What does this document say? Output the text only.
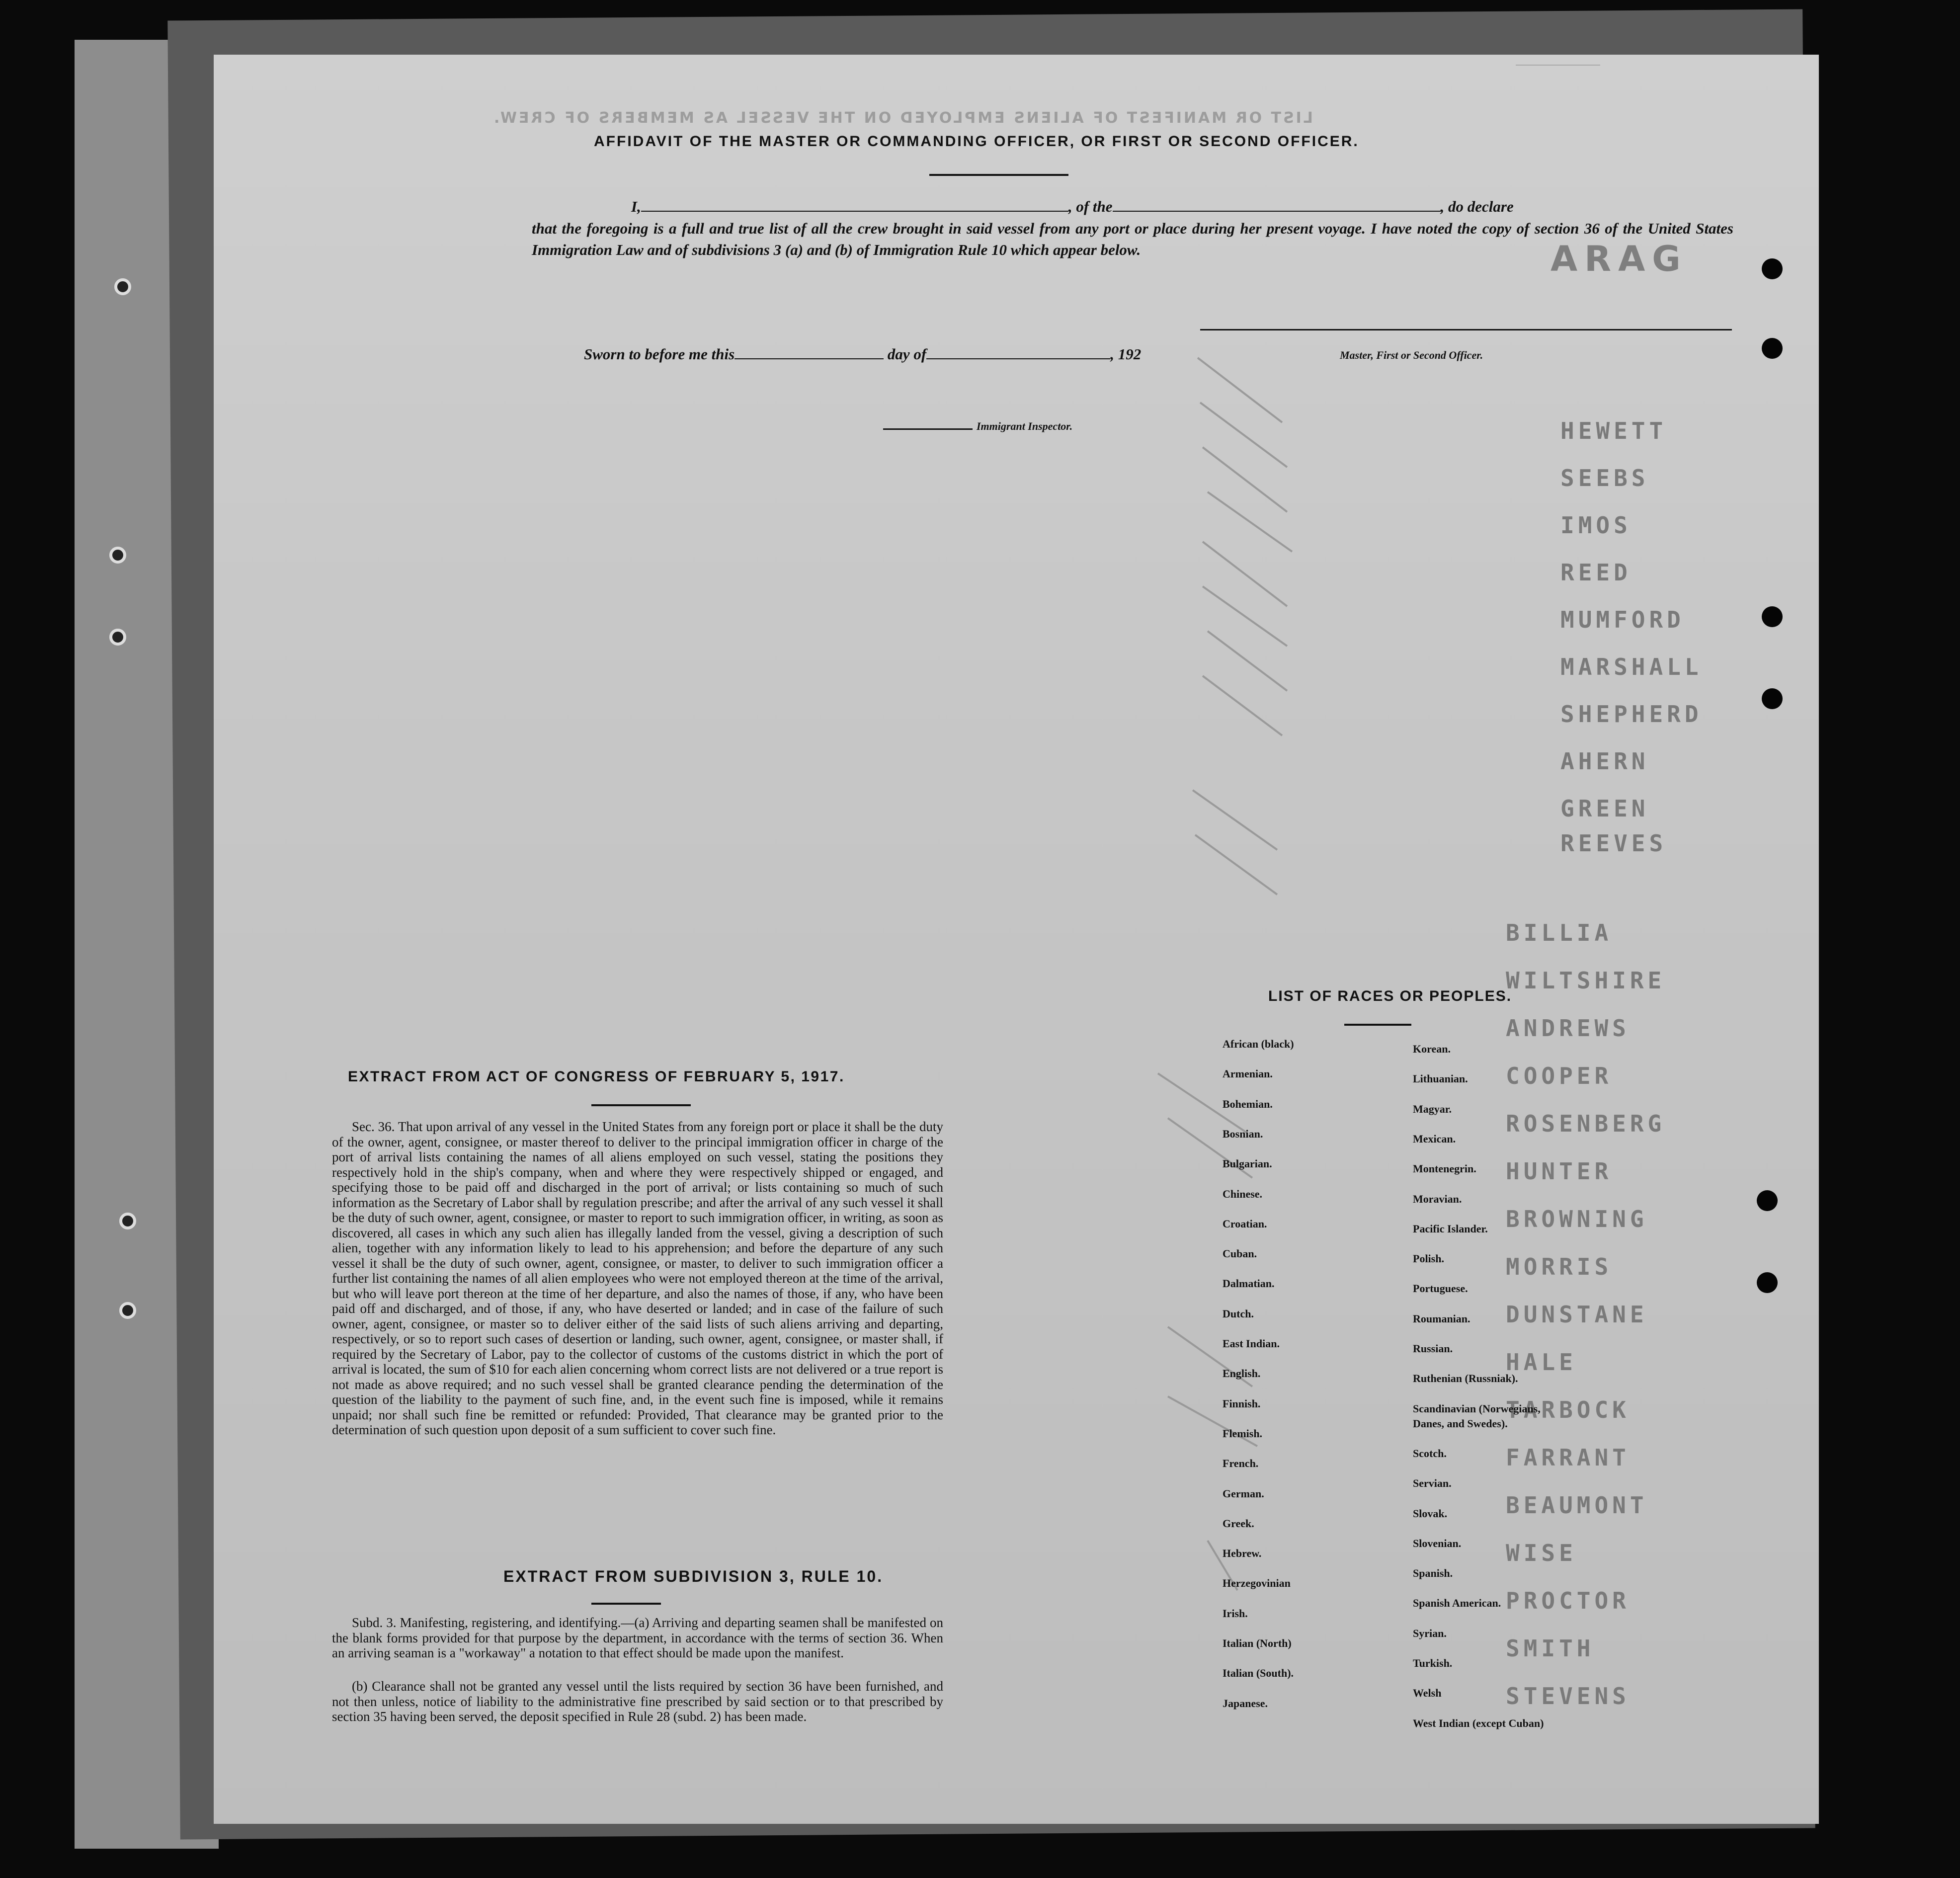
ARAG
LIST OR MANIFEST OF ALIENS EMPLOYED ON THE VESSEL AS MEMBERS OF CREW.
HEWETT
SEEBS
IMOS
REED
MUMFORD
MARSHALL
SHEPHERD
AHERN
GREEN
REEVES
BILLIA
WILTSHIRE
ANDREWS
COOPER
ROSENBERG
HUNTER
BROWNING
MORRIS
DUNSTANE
HALE
TARBOCK
FARRANT
BEAUMONT
WISE
PROCTOR
SMITH
STEVENS
AFFIDAVIT OF THE MASTER OR COMMANDING OFFICER, OR FIRST OR SECOND OFFICER.
I,	, of the	, do declare
that the foregoing is a full and true list of all the crew brought in said vessel from any port or place during her present voyage. I have noted the copy of section 36 of the United States Immigration Law and of subdivisions 3 (a) and (b) of Immigration Rule 10 which appear below.
Master, First or Second Officer.
Sworn to before me this	day of	, 192
Immigrant Inspector.
EXTRACT FROM ACT OF CONGRESS OF FEBRUARY 5, 1917.
Sec. 36. That upon arrival of any vessel in the United States from any foreign port or place it shall be the duty of the owner, agent, consignee, or master thereof to deliver to the principal immigration officer in charge of the port of arrival lists containing the names of all aliens employed on such vessel, stating the positions they respectively hold in the ship's company, when and where they were respectively shipped or engaged, and specifying those to be paid off and discharged in the port of arrival; or lists containing so much of such information as the Secretary of Labor shall by regulation prescribe; and after the arrival of any such vessel it shall be the duty of such owner, agent, consignee, or master to report to such immigration officer, in writing, as soon as discovered, all cases in which any such alien has illegally landed from the vessel, giving a description of such alien, together with any information likely to lead to his apprehension; and before the departure of any such vessel it shall be the duty of such owner, agent, consignee, or master, to deliver to such immigration officer a further list containing the names of all alien employees who were not employed thereon at the time of the arrival, but who will leave port thereon at the time of her departure, and also the names of those, if any, who have been paid off and discharged, and of those, if any, who have deserted or landed; and in case of the failure of such owner, agent, consignee, or master so to deliver either of the said lists of such aliens arriving and departing, respectively, or so to report such cases of desertion or landing, such owner, agent, consignee, or master shall, if required by the Secretary of Labor, pay to the collector of customs of the customs district in which the port of arrival is located, the sum of $10 for each alien concerning whom correct lists are not delivered or a true report is not made as above required; and no such vessel shall be granted clearance pending the determination of the question of the liability to the payment of such fine, and, in the event such fine is imposed, while it remains unpaid; nor shall such fine be remitted or refunded: Provided, That clearance may be granted prior to the determination of such question upon deposit of a sum sufficient to cover such fine.
EXTRACT FROM SUBDIVISION 3, RULE 10.
Subd. 3. Manifesting, registering, and identifying.—(a) Arriving and departing seamen shall be manifested on the blank forms provided for that purpose by the department, in accordance with the terms of section 36. When an arriving seaman is a "workaway" a notation to that effect should be made upon the manifest.
(b) Clearance shall not be granted any vessel until the lists required by section 36 have been furnished, and not then unless, notice of liability to the administrative fine prescribed by said section or to that prescribed by section 35 having been served, the deposit specified in Rule 28 (subd. 2) has been made.
LIST OF RACES OR PEOPLES.
African (black)
Armenian.
Bohemian.
Bosnian.
Bulgarian.
Chinese.
Croatian.
Cuban.
Dalmatian.
Dutch.
East Indian.
English.
Finnish.
Flemish.
French.
German.
Greek.
Hebrew.
Herzegovinian
Irish.
Italian (North)
Italian (South).
Japanese.
Korean.
Lithuanian.
Magyar.
Mexican.
Montenegrin.
Moravian.
Pacific Islander.
Polish.
Portuguese.
Roumanian.
Russian.
Ruthenian (Russniak).
Scandinavian (Norwegians,
Danes, and Swedes).
Scotch.
Servian.
Slovak.
Slovenian.
Spanish.
Spanish American.
Syrian.
Turkish.
Welsh
West Indian (except Cuban)
